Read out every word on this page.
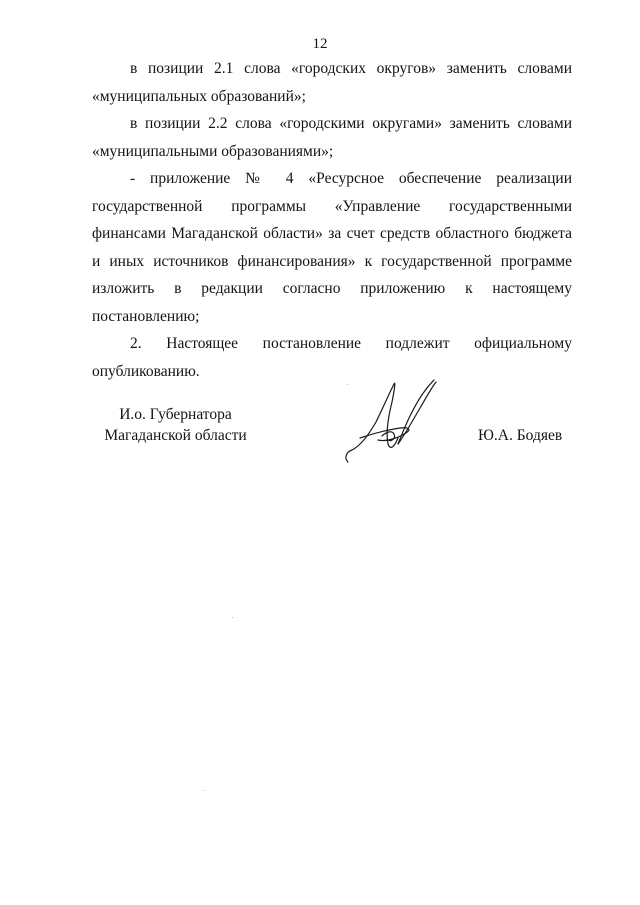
12

в позиции 2.1 слова «городских округов» заменить словами «муниципальных образований»;

в позиции 2.2 слова «городскими округами» заменить словами «муниципальными образованиями»;

- приложение № 4 «Ресурсное обеспечение реализации государственной программы «Управление государственными финансами Магаданской области» за счет средств областного бюджета и иных источников финансирования» к государственной программе изложить в редакции согласно приложению к настоящему постановлению;

2. Настоящее постановление подлежит официальному опубликованию.

И.о. Губернатора
Магаданской области	Ю.А. Бодяев
